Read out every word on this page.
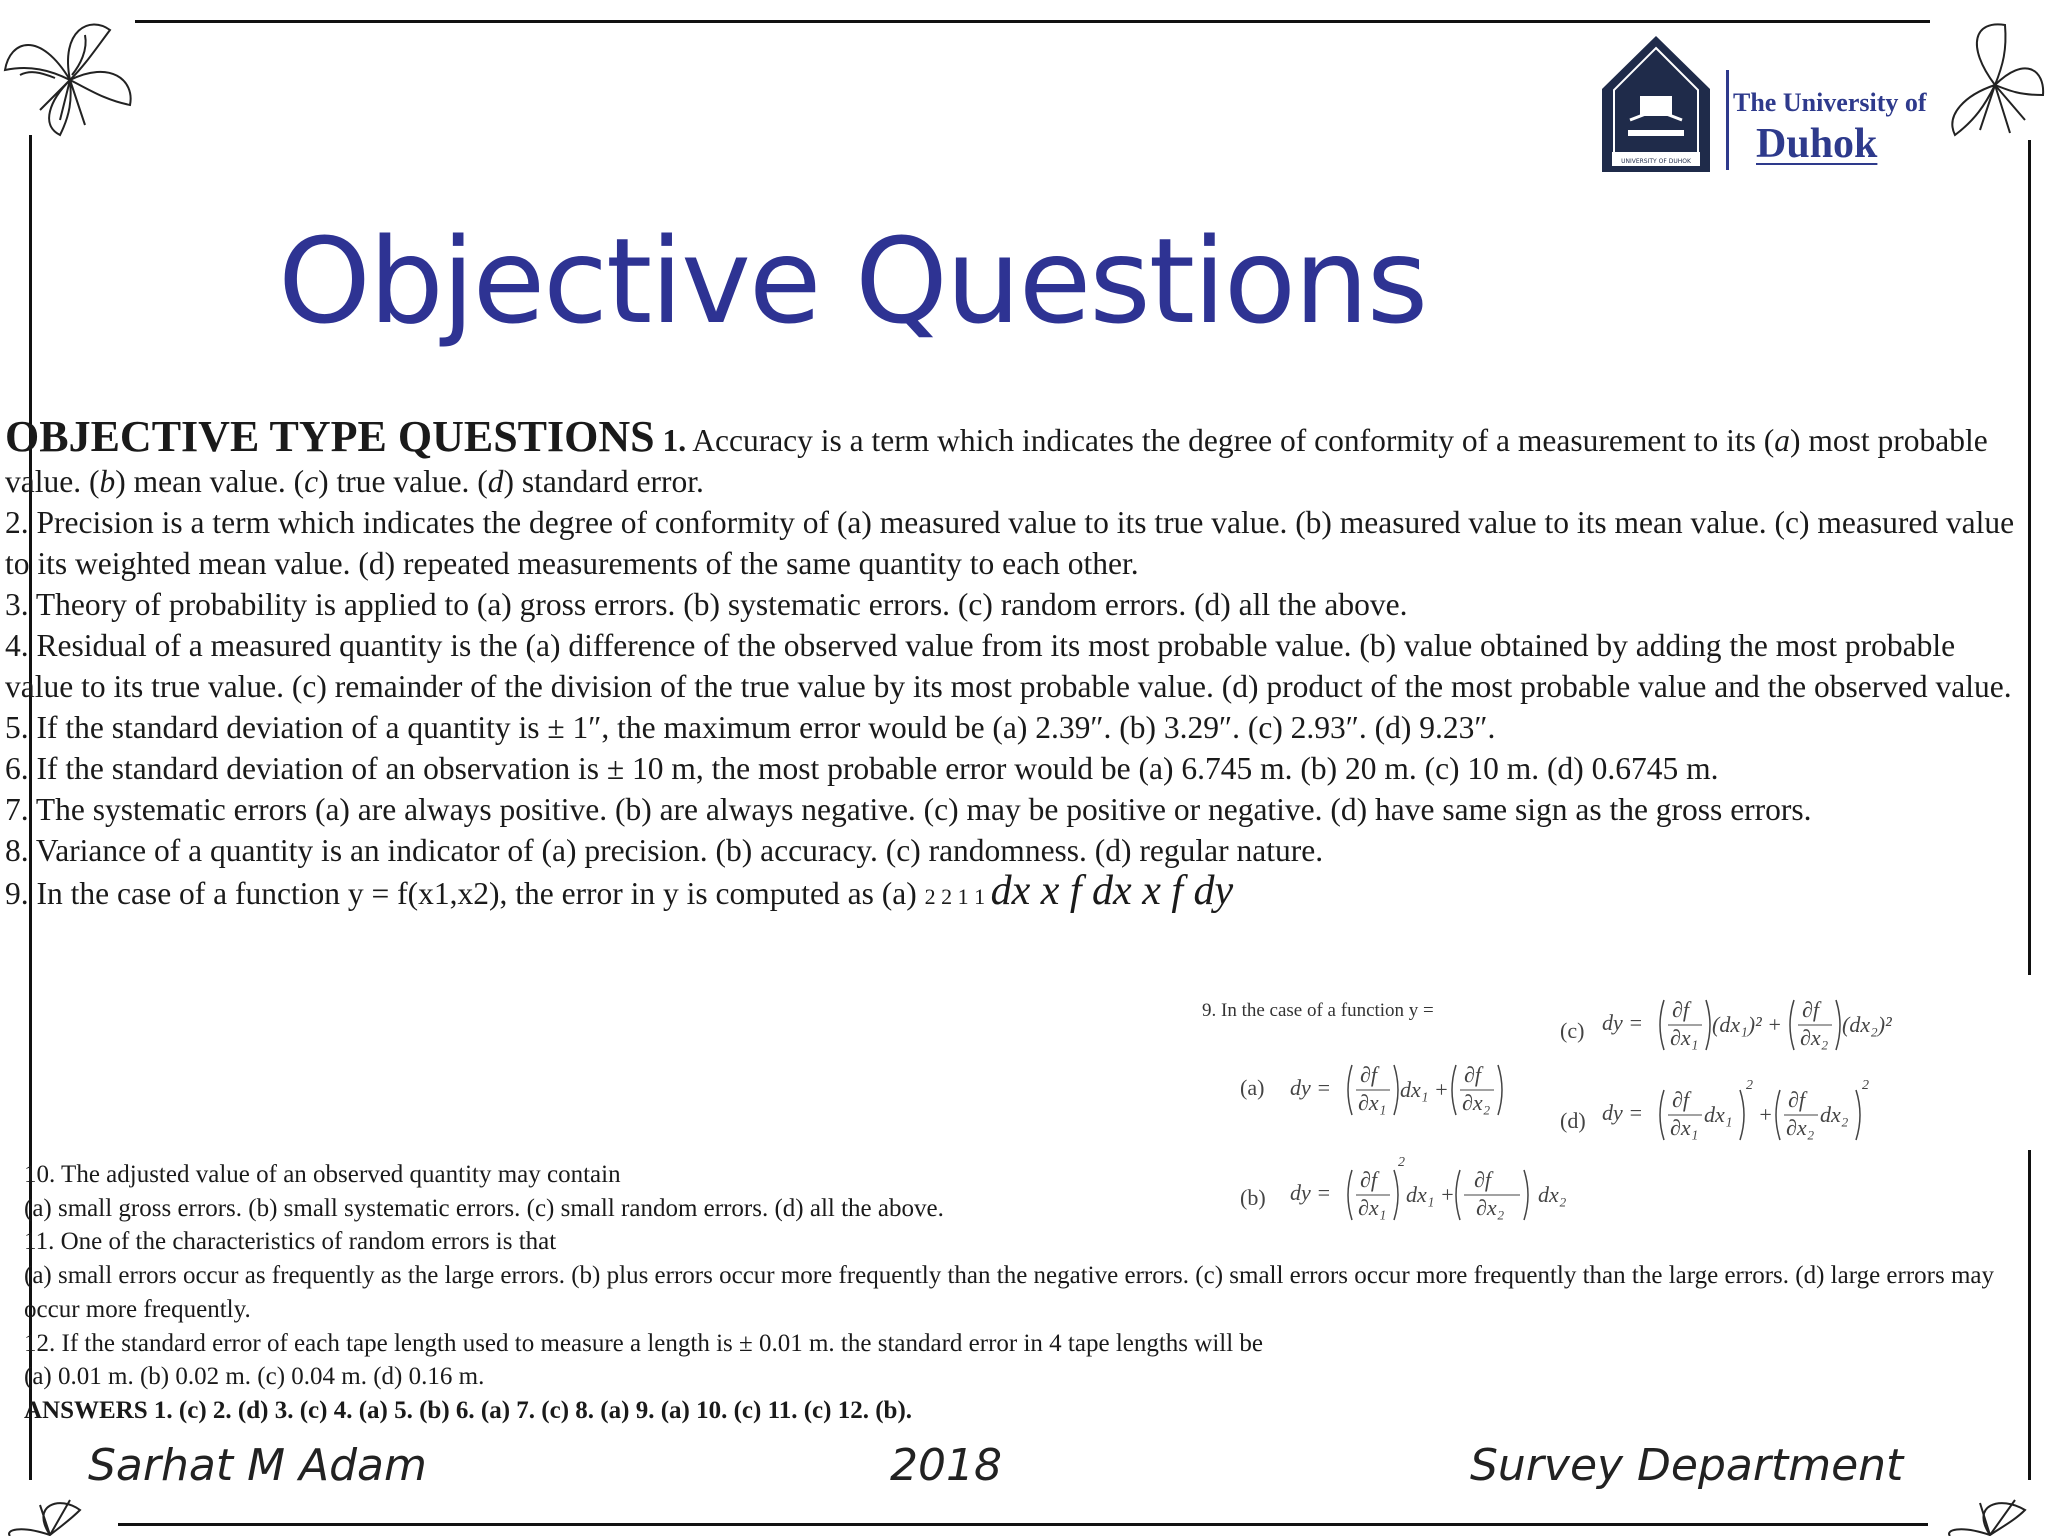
UNIVERSITY OF DUHOK
The University of
Duhok
Objective Questions

OBJECTIVE TYPE QUESTIONS 1. Accuracy is a term which indicates the degree of conformity of a measurement to its (a) most probable value. (b) mean value. (c) true value. (d) standard error.

2. Precision is a term which indicates the degree of conformity of (a) measured value to its true value. (b) measured value to its mean value. (c) measured value to its weighted mean value. (d) repeated measurements of the same quantity to each other.

3. Theory of probability is applied to (a) gross errors. (b) systematic errors. (c) random errors. (d) all the above.

4. Residual of a measured quantity is the (a) difference of the observed value from its most probable value. (b) value obtained by adding the most probable value to its true value. (c) remainder of the division of the true value by its most probable value. (d) product of the most probable value and the observed value.

5. If the standard deviation of a quantity is ± 1″, the maximum error would be (a) 2.39″. (b) 3.29″. (c) 2.93″. (d) 9.23″.

6. If the standard deviation of an observation is ± 10 m, the most probable error would be (a) 6.745 m. (b) 20 m. (c) 10 m. (d) 0.6745 m.

7. The systematic errors (a) are always positive. (b) are always negative. (c) may be positive or negative. (d) have same sign as the gross errors.

8. Variance of a quantity is an indicator of (a) precision. (b) accuracy. (c) randomness. (d) regular nature.

9. In the case of a function y = f(x1,x2), the error in y is computed as (a) 2 2 1 1 dx x f dx x f dy

9. In the case of a function y =
(a) dy =
∂f
∂x₁
dx₁ +
∂f
∂x₂
(b) dy =
2
∂f
∂x₁
dx₁ +
∂f
∂x₂
dx₂
(c) dy =
∂f
∂x₁
(dx₁)² +
∂f
∂x₂
(dx₂)²
(d) dy =
2
∂f
∂x₁
dx₁ +
2
∂f
∂x₂
dx₂

10. The adjusted value of an observed quantity may contain

(a) small gross errors. (b) small systematic errors. (c) small random errors. (d) all the above.

11. One of the characteristics of random errors is that

(a) small errors occur as frequently as the large errors. (b) plus errors occur more frequently than the negative errors. (c) small errors occur more frequently than the large errors. (d) large errors may occur more frequently.

12. If the standard error of each tape length used to measure a length is ± 0.01 m. the standard error in 4 tape lengths will be

(a) 0.01 m. (b) 0.02 m. (c) 0.04 m. (d) 0.16 m.

ANSWERS 1. (c) 2. (d) 3. (c) 4. (a) 5. (b) 6. (a) 7. (c) 8. (a) 9. (a) 10. (c) 11. (c) 12. (b).

Sarhat M Adam	2018	Survey Department
